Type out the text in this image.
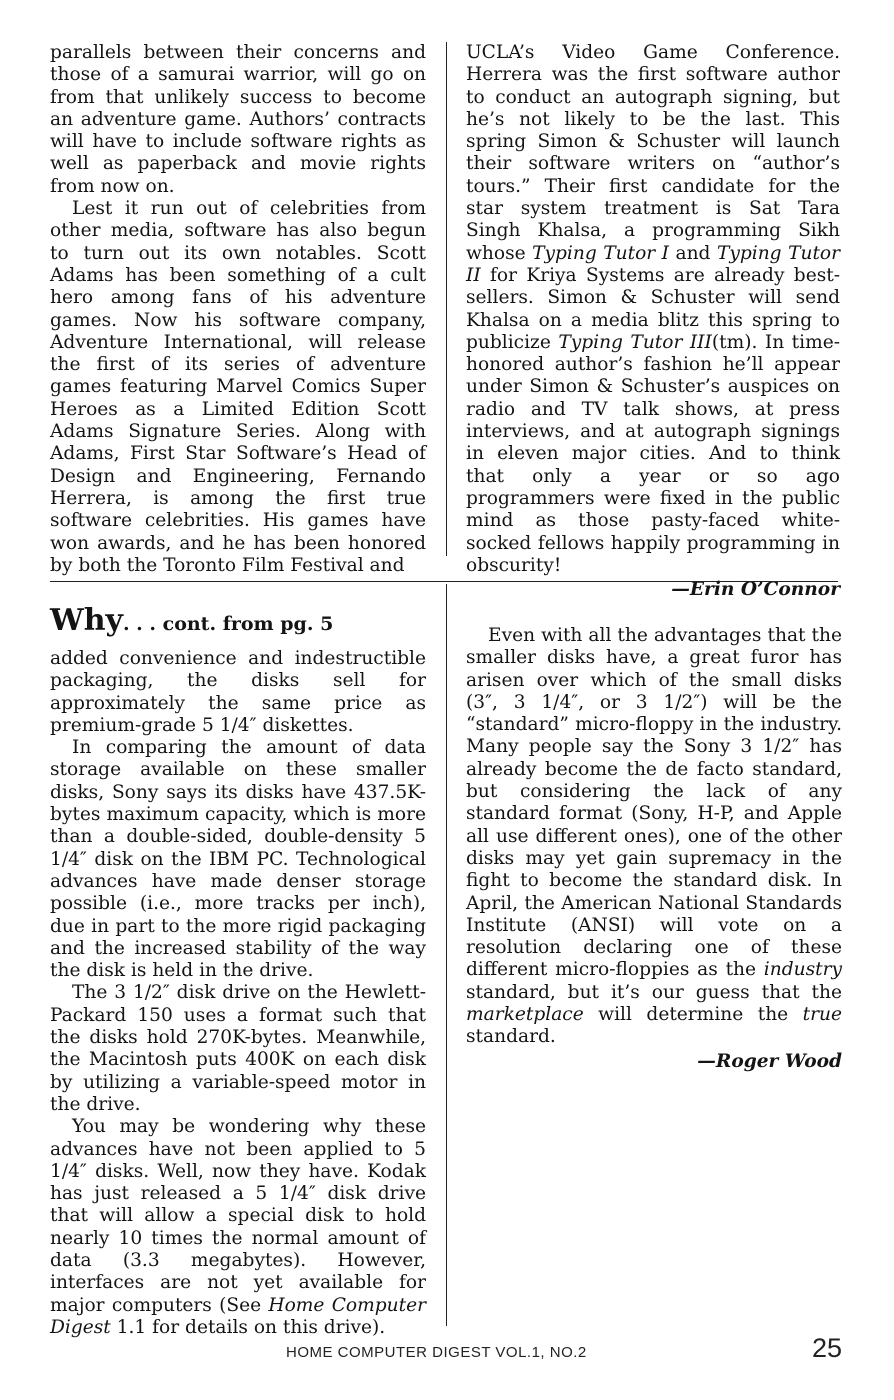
parallels between their concerns and those of a samurai warrior, will go on from that unlikely success to become an adventure game. Authors’ contracts will have to include software rights as well as paperback and movie rights from now on.

Lest it run out of celebrities from other media, software has also begun to turn out its own notables. Scott Adams has been something of a cult hero among fans of his adventure games. Now his software company, Adventure International, will release the first of its series of adventure games featuring Marvel Comics Super Heroes as a Limited Edition Scott Adams Signature Series. Along with Adams, First Star Software’s Head of Design and Engineering, Fernando Herrera, is among the first true software celebrities. His games have won awards, and he has been honored by both the Toronto Film Festival and

UCLA’s Video Game Conference. Herrera was the first software author to conduct an autograph signing, but he’s not likely to be the last. This spring Simon & Schuster will launch their software writers on “author’s tours.” Their first candidate for the star system treatment is Sat Tara Singh Khalsa, a programming Sikh whose Typing Tutor I and Typing Tutor II for Kriya Systems are already best-sellers. Simon & Schuster will send Khalsa on a media blitz this spring to publicize Typing Tutor III(tm). In time-honored author’s fashion he’ll appear under Simon & Schuster’s auspices on radio and TV talk shows, at press interviews, and at autograph signings in eleven major cities. And to think that only a year or so ago programmers were fixed in the public mind as those pasty-faced white-socked fellows happily programming in obscurity!

—Erin O’Connor

Why. . . cont. from pg. 5

added convenience and indestructible packaging, the disks sell for approximately the same price as premium-grade 5 1/4″ diskettes.

In comparing the amount of data storage available on these smaller disks, Sony says its disks have 437.5K-bytes maximum capacity, which is more than a double-sided, double-density 5 1/4″ disk on the IBM PC. Technological advances have made denser storage possible (i.e., more tracks per inch), due in part to the more rigid packaging and the increased stability of the way the disk is held in the drive.

The 3 1/2″ disk drive on the Hewlett-Packard 150 uses a format such that the disks hold 270K-bytes. Meanwhile, the Macintosh puts 400K on each disk by utilizing a variable-speed motor in the drive.

You may be wondering why these advances have not been applied to 5 1/4″ disks. Well, now they have. Kodak has just released a 5 1/4″ disk drive that will allow a special disk to hold nearly 10 times the normal amount of data (3.3 megabytes). However, interfaces are not yet available for major computers (See Home Computer Digest 1.1 for details on this drive).

Even with all the advantages that the smaller disks have, a great furor has arisen over which of the small disks (3″, 3 1/4″, or 3 1/2″) will be the “standard” micro-floppy in the industry. Many people say the Sony 3 1/2″ has already become the de facto standard, but considering the lack of any standard format (Sony, H-P, and Apple all use different ones), one of the other disks may yet gain supremacy in the fight to become the standard disk. In April, the American National Standards Institute (ANSI) will vote on a resolution declaring one of these different micro-floppies as the industry standard, but it’s our guess that the marketplace will determine the true standard.

—Roger Wood

HOME COMPUTER DIGEST VOL.1, NO.2	25
